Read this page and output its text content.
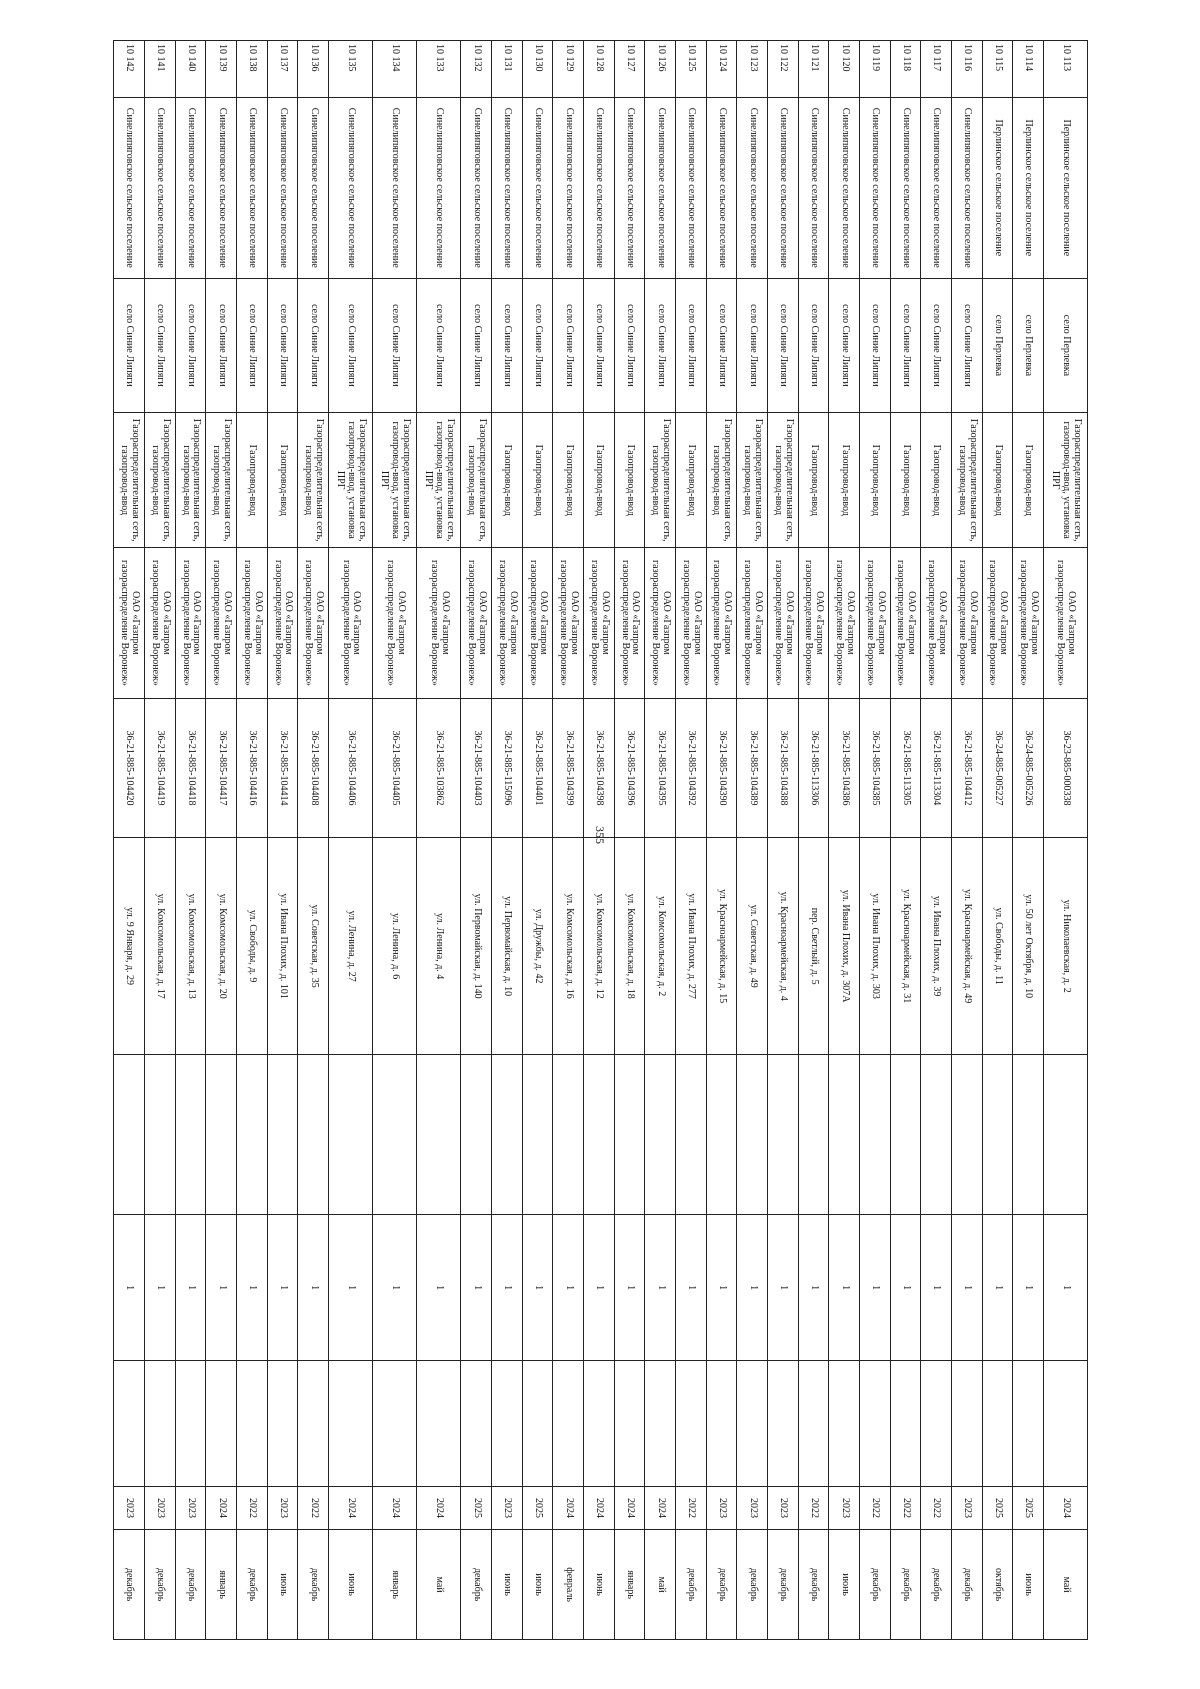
355
10 113	Перлинское сельское поселение	село Перлевка	Газораспределительная сеть, газопровод-ввод, установка ПРГ	ОАО «Газпром газораспределение Воронеж»	36-23-885-000338	ул. Николаевская, д. 2		1		2024	май
10 114	Перлинское сельское поселение	село Перлевка	Газопровод-ввод	ОАО «Газпром газораспределение Воронеж»	36-24-885-005226	ул. 50 лет Октября, д. 10		1		2025	июнь
10 115	Перлинское сельское поселение	село Перлевка	Газопровод-ввод	ОАО «Газпром газораспределение Воронеж»	36-24-885-005227	ул. Свободы, д. 11		1		2025	октябрь
10 116	Синелипяговское сельское поселение	село Синие Липяги	Газораспределительная сеть, газопровод-ввод	ОАО «Газпром газораспределение Воронеж»	36-21-885-104412	ул. Красноармейская, д. 49		1		2023	декабрь
10 117	Синелипяговское сельское поселение	село Синие Липяги	Газопровод-ввод	ОАО «Газпром газораспределение Воронеж»	36-21-885-113304	ул. Ивана Плохих, д. 39		1		2022	декабрь
10 118	Синелипяговское сельское поселение	село Синие Липяги	Газопровод-ввод	ОАО «Газпром газораспределение Воронеж»	36-21-885-113305	ул. Красноармейская, д. 31		1		2022	декабрь
10 119	Синелипяговское сельское поселение	село Синие Липяги	Газопровод-ввод	ОАО «Газпром газораспределение Воронеж»	36-21-885-104385	ул. Ивана Плохих, д. 303		1		2022	декабрь
10 120	Синелипяговское сельское поселение	село Синие Липяги	Газопровод-ввод	ОАО «Газпром газораспределение Воронеж»	36-21-885-104386	ул. Ивана Плохих, д. 307А		1		2023	июнь
10 121	Синелипяговское сельское поселение	село Синие Липяги	Газопровод-ввод	ОАО «Газпром газораспределение Воронеж»	36-21-885-113306	пер. Светлый, д. 5		1		2022	декабрь
10 122	Синелипяговское сельское поселение	село Синие Липяги	Газораспределительная сеть, газопровод-ввод	ОАО «Газпром газораспределение Воронеж»	36-21-885-104388	ул. Красноармейская, д. 4		1		2023	декабрь
10 123	Синелипяговское сельское поселение	село Синие Липяги	Газораспределительная сеть, газопровод-ввод	ОАО «Газпром газораспределение Воронеж»	36-21-885-104389	ул. Советская, д. 49		1		2023	декабрь
10 124	Синелипяговское сельское поселение	село Синие Липяги	Газораспределительная сеть, газопровод-ввод	ОАО «Газпром газораспределение Воронеж»	36-21-885-104390	ул. Красноармейская, д. 15		1		2023	декабрь
10 125	Синелипяговское сельское поселение	село Синие Липяги	Газопровод-ввод	ОАО «Газпром газораспределение Воронеж»	36-21-885-104392	ул. Ивана Плохих, д. 277		1		2022	декабрь
10 126	Синелипяговское сельское поселение	село Синие Липяги	Газораспределительная сеть, газопровод-ввод	ОАО «Газпром газораспределение Воронеж»	36-21-885-104395	ул. Комсомольская, д. 2		1		2024	май
10 127	Синелипяговское сельское поселение	село Синие Липяги	Газопровод-ввод	ОАО «Газпром газораспределение Воронеж»	36-21-885-104396	ул. Комсомольская, д. 18		1		2024	январь
10 128	Синелипяговское сельское поселение	село Синие Липяги	Газопровод-ввод	ОАО «Газпром газораспределение Воронеж»	36-21-885-104398	ул. Комсомольская, д. 12		1		2024	июнь
10 129	Синелипяговское сельское поселение	село Синие Липяги	Газопровод-ввод	ОАО «Газпром газораспределение Воронеж»	36-21-885-104399	ул. Комсомольская, д. 16		1		2024	февраль
10 130	Синелипяговское сельское поселение	село Синие Липяги	Газопровод-ввод	ОАО «Газпром газораспределение Воронеж»	36-21-885-104401	ул. Дружбы, д. 42		1		2025	июнь
10 131	Синелипяговское сельское поселение	село Синие Липяги	Газопровод-ввод	ОАО «Газпром газораспределение Воронеж»	36-21-885-115096	ул. Первомайская, д. 10		1		2023	июнь
10 132	Синелипяговское сельское поселение	село Синие Липяги	Газораспределительная сеть, газопровод-ввод	ОАО «Газпром газораспределение Воронеж»	36-21-885-104403	ул. Первомайская, д. 140		1		2025	декабрь
10 133	Синелипяговское сельское поселение	село Синие Липяги	Газораспределительная сеть, газопровод-ввод, установка ПРГ	ОАО «Газпром газораспределение Воронеж»	36-21-885-103862	ул. Ленина, д. 4		1		2024	май
10 134	Синелипяговское сельское поселение	село Синие Липяги	Газораспределительная сеть, газопровод-ввод, установка ПРГ	ОАО «Газпром газораспределение Воронеж»	36-21-885-104405	ул. Ленина, д. 6		1		2024	январь
10 135	Синелипяговское сельское поселение	село Синие Липяги	Газораспределительная сеть, газопровод-ввод, установка ПРГ	ОАО «Газпром газораспределение Воронеж»	36-21-885-104406	ул. Ленина, д. 27		1		2024	июнь
10 136	Синелипяговское сельское поселение	село Синие Липяги	Газораспределительная сеть, газопровод-ввод	ОАО «Газпром газораспределение Воронеж»	36-21-885-104408	ул. Советская, д. 35		1		2022	декабрь
10 137	Синелипяговское сельское поселение	село Синие Липяги	Газопровод-ввод	ОАО «Газпром газораспределение Воронеж»	36-21-885-104414	ул. Ивана Плохих, д. 101		1		2023	июнь
10 138	Синелипяговское сельское поселение	село Синие Липяги	Газопровод-ввод	ОАО «Газпром газораспределение Воронеж»	36-21-885-104416	ул. Свободы, д. 9		1		2022	декабрь
10 139	Синелипяговское сельское поселение	село Синие Липяги	Газораспределительная сеть, газопровод-ввод	ОАО «Газпром газораспределение Воронеж»	36-21-885-104417	ул. Комсомольская, д. 20		1		2024	январь
10 140	Синелипяговское сельское поселение	село Синие Липяги	Газораспределительная сеть, газопровод-ввод	ОАО «Газпром газораспределение Воронеж»	36-21-885-104418	ул. Комсомольская, д. 13		1		2023	декабрь
10 141	Синелипяговское сельское поселение	село Синие Липяги	Газораспределительная сеть, газопровод-ввод	ОАО «Газпром газораспределение Воронеж»	36-21-885-104419	ул. Комсомольская, д. 17		1		2023	декабрь
10 142	Синелипяговское сельское поселение	село Синие Липяги	Газораспределительная сеть, газопровод-ввод	ОАО «Газпром газораспределение Воронеж»	36-21-885-104420	ул. 9 Января, д. 29		1		2023	декабрь
